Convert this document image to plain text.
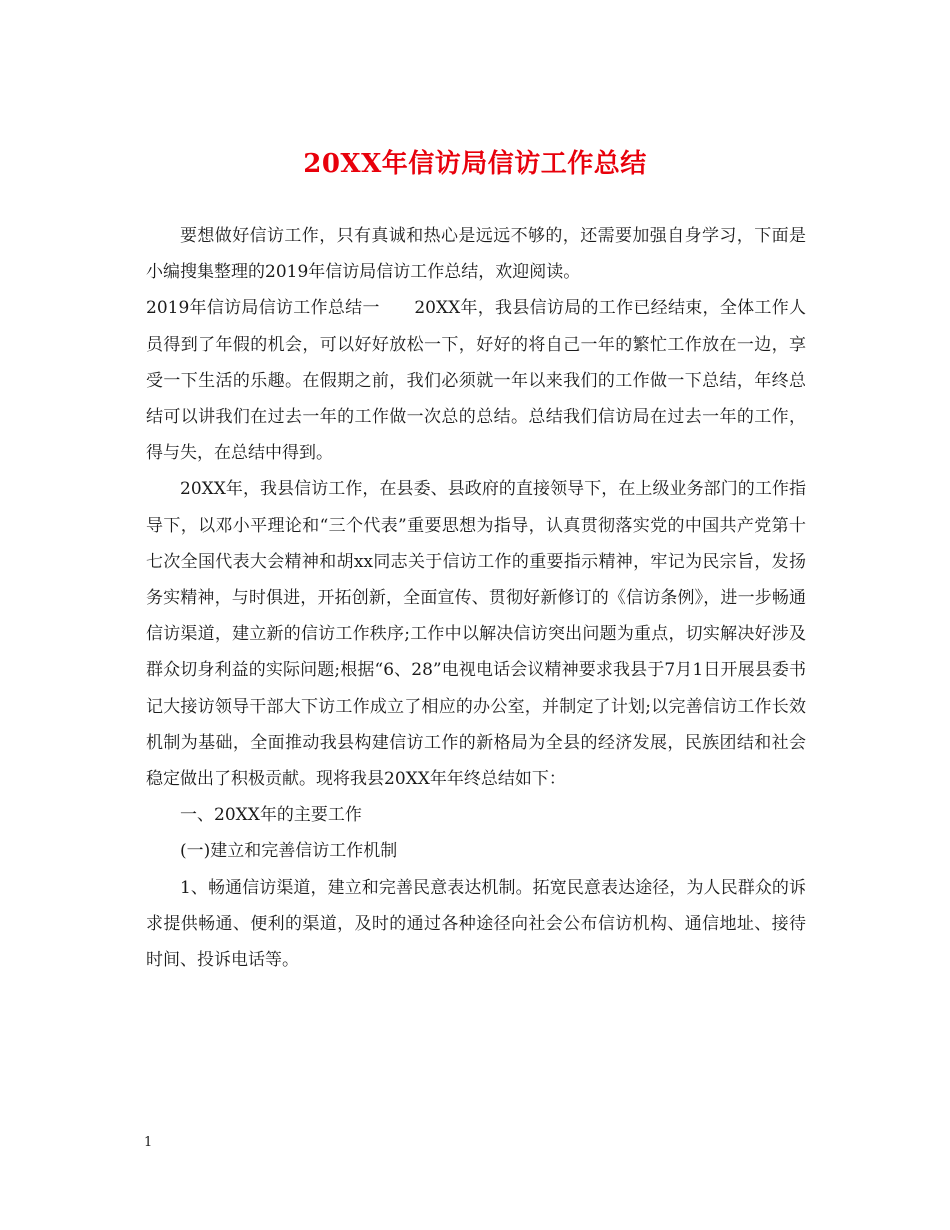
20XX年信访局信访工作总结

要想做好信访工作，只有真诚和热心是远远不够的，还需要加强自身学习，下面是小编搜集整理的2019年信访局信访工作总结，欢迎阅读。

2019年信访局信访工作总结一　　20XX年，我县信访局的工作已经结束，全体工作人员得到了年假的机会，可以好好放松一下，好好的将自己一年的繁忙工作放在一边，享受一下生活的乐趣。在假期之前，我们必须就一年以来我们的工作做一下总结，年终总结可以讲我们在过去一年的工作做一次总的总结。总结我们信访局在过去一年的工作，得与失，在总结中得到。

20XX年，我县信访工作，在县委、县政府的直接领导下，在上级业务部门的工作指导下，以邓小平理论和“三个代表”重要思想为指导，认真贯彻落实党的中国共产党第十七次全国代表大会精神和胡xx同志关于信访工作的重要指示精神，牢记为民宗旨，发扬务实精神，与时俱进，开拓创新，全面宣传、贯彻好新修订的《信访条例》，进一步畅通信访渠道，建立新的信访工作秩序;工作中以解决信访突出问题为重点，切实解决好涉及群众切身利益的实际问题;根据“6、28”电视电话会议精神要求我县于7月1日开展县委书记大接访领导干部大下访工作成立了相应的办公室，并制定了计划;以完善信访工作长效机制为基础，全面推动我县构建信访工作的新格局为全县的经济发展，民族团结和社会稳定做出了积极贡献。现将我县20XX年年终总结如下：

一、20XX年的主要工作

(一)建立和完善信访工作机制

1、畅通信访渠道，建立和完善民意表达机制。拓宽民意表达途径，为人民群众的诉求提供畅通、便利的渠道，及时的通过各种途径向社会公布信访机构、通信地址、接待时间、投诉电话等。

1
